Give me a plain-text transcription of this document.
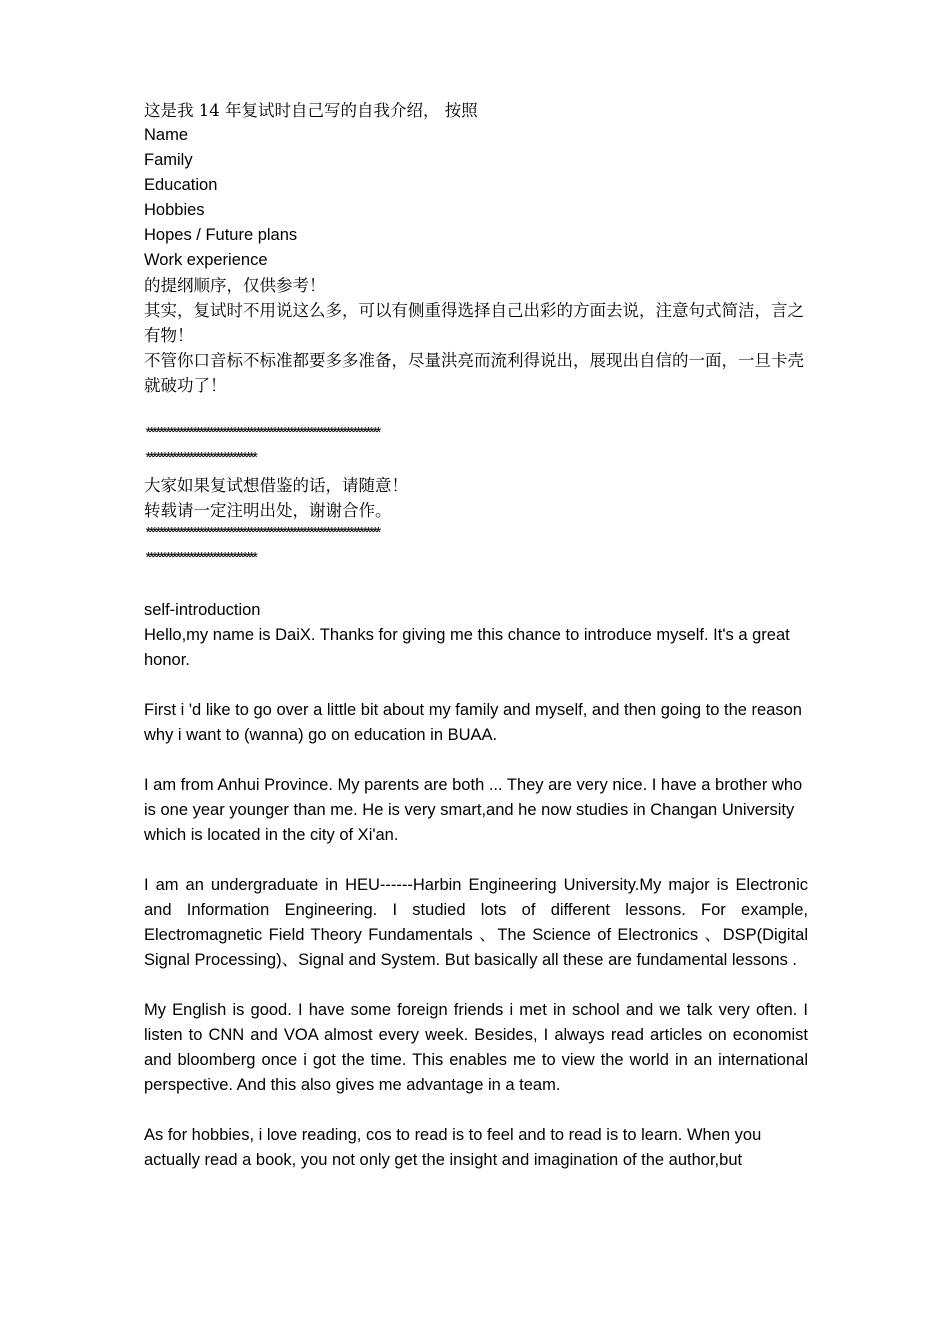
这是我 14 年复试时自己写的自我介绍， 按照
Name
Family
Education
Hobbies
Hopes / Future plans
Work experience
的提纲顺序，仅供参考！
其实，复试时不用说这么多，可以有侧重得选择自己出彩的方面去说，注意句式简洁，言之有物！
不管你口音标不标准都要多多准备，尽量洪亮而流利得说出，展现出自信的一面，一旦卡壳就破功了！
**********************************************************************
*********************************
大家如果复试想借鉴的话，请随意！
转载请一定注明出处，谢谢合作。
**********************************************************************
*********************************
self-introduction
Hello,my name is DaiX. Thanks for giving me this chance to introduce myself. It's a great honor.
First i 'd like to go over a little bit about my family and myself, and then going to the reason why i want to (wanna) go on education in BUAA.
I am from Anhui Province. My parents are both ... They are very nice. I have a brother who is one year younger than me. He is very smart,and he now studies in Changan University which is located in the city of Xi'an.
I am an undergraduate in HEU------Harbin Engineering University.My major is Electronic and Information Engineering. I studied lots of different lessons. For example, Electromagnetic Field Theory Fundamentals 、The Science of Electronics 、DSP(Digital Signal Processing)、Signal and System. But basically all these are fundamental lessons .
My English is good. I have some foreign friends i met in school and we talk very often. I listen to CNN and VOA almost every week. Besides, I always read articles on economist and bloomberg once i got the time. This enables me to view the world in an international perspective. And this also gives me advantage in a team.
As for hobbies, i love reading, cos to read is to feel and to read is to learn. When you actually read a book, you not only get the insight and imagination of the author,but
